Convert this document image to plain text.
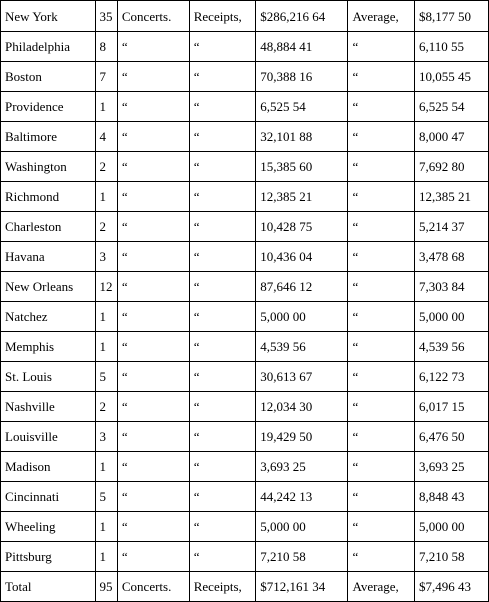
New York	35	Concerts.	Receipts,	$286,216 64	Average,	$8,177 50
Philadelphia	8	“	“	48,884 41	“	6,110 55
Boston	7	“	“	70,388 16	“	10,055 45
Providence	1	“	“	6,525 54	“	6,525 54
Baltimore	4	“	“	32,101 88	“	8,000 47
Washington	2	“	“	15,385 60	“	7,692 80
Richmond	1	“	“	12,385 21	“	12,385 21
Charleston	2	“	“	10,428 75	“	5,214 37
Havana	3	“	“	10,436 04	“	3,478 68
New Orleans	12	“	“	87,646 12	“	7,303 84
Natchez	1	“	“	5,000 00	“	5,000 00
Memphis	1	“	“	4,539 56	“	4,539 56
St. Louis	5	“	“	30,613 67	“	6,122 73
Nashville	2	“	“	12,034 30	“	6,017 15
Louisville	3	“	“	19,429 50	“	6,476 50
Madison	1	“	“	3,693 25	“	3,693 25
Cincinnati	5	“	“	44,242 13	“	8,848 43
Wheeling	1	“	“	5,000 00	“	5,000 00
Pittsburg	1	“	“	7,210 58	“	7,210 58
Total	95	Concerts.	Receipts,	$712,161 34	Average,	$7,496 43
